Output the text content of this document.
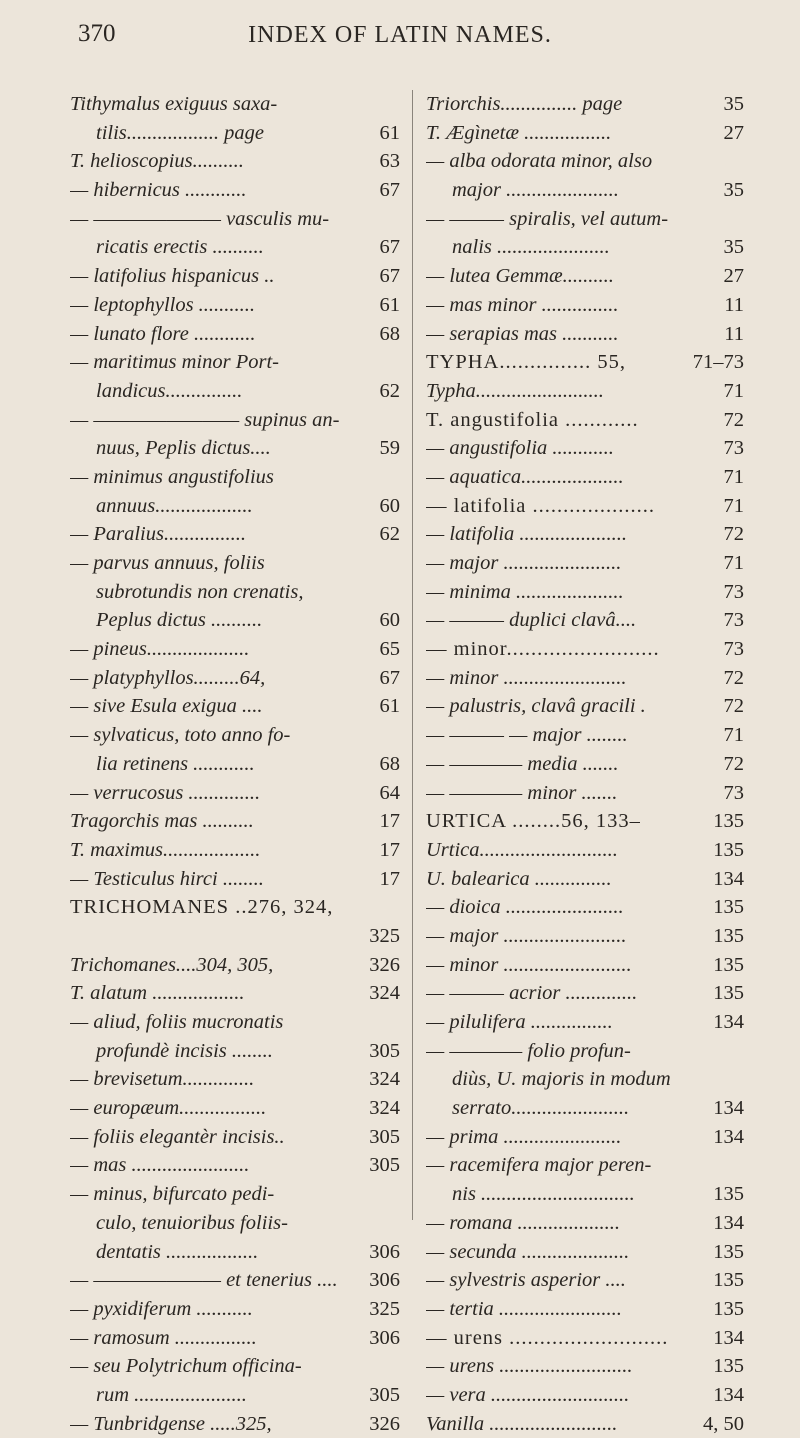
370	INDEX OF LATIN NAMES.
Tithymalus exiguus saxa-
tilis.................. page	61
T. helioscopius..........	63
— hibernicus ............	67
— ——————— vasculis mu-
ricatis erectis ..........	67
— latifolius hispanicus ..	67
— leptophyllos ...........	61
— lunato flore ............	68
— maritimus minor Port-
landicus...............	62
— ———————— supinus an-
nuus, Peplis dictus....	59
— minimus angustifolius
annuus...................	60
— Paralius................	62
— parvus annuus, foliis
subrotundis non crenatis,
Peplus dictus ..........	60
— pineus....................	65
— platyphyllos.........64,	67
— sive Esula exigua ....	61
— sylvaticus, toto anno fo-
lia retinens ............	68
— verrucosus ..............	64
Tragorchis mas ..........	17
T. maximus...................	17
— Testiculus hirci ........	17
TRICHOMANES ..276, 324,
325
Trichomanes....304, 305,	326
T. alatum ..................	324
— aliud, foliis mucronatis
profundè incisis ........	305
— brevisetum..............	324
— europæum.................	324
— foliis elegantèr incisis..	305
— mas .......................	305
— minus, bifurcato pedi-
culo, tenuioribus foliis-
dentatis ..................	306
— ——————— et tenerius ....	306
— pyxidiferum ...........	325
— ramosum ................	306
— seu Polytrichum officina-
rum ......................	305
— Tunbridgense .....325,	326
Triorchis............... page	35
T. Ægìnetæ .................	27
— alba odorata minor, also
major ......................	35
— ——— spiralis, vel autum-
nalis ......................	35
— lutea Gemmæ..........	27
— mas minor ...............	11
— serapias mas ...........	11
TYPHA............... 55,	71–73
Typha.........................	71
T. angustifolia ............	72
— angustifolia ............	73
— aquatica....................	71
— latifolia ....................	71
— latifolia .....................	72
— major .......................	71
— minima .....................	73
— ——— duplici clavâ....	73
— minor.........................	73
— minor ........................	72
— palustris, clavâ gracili .	72
— ——— — major ........	71
— ———— media .......	72
— ———— minor .......	73
URTICA ........56, 133–	135
Urtica...........................	135
U. balearica ...............	134
— dioica .......................	135
— major ........................	135
— minor .........................	135
— ——— acrior ..............	135
— pilulifera ................	134
— ———— folio profun-
diùs, U. majoris in modum
serrato.......................	134
— prima .......................	134
— racemifera major peren-
nis ..............................	135
— romana ....................	134
— secunda .....................	135
— sylvestris asperior ....	135
— tertia ........................	135
— urens ..........................	134
— urens ..........................	135
— vera ...........................	134
Vanilla .........................	4, 50
